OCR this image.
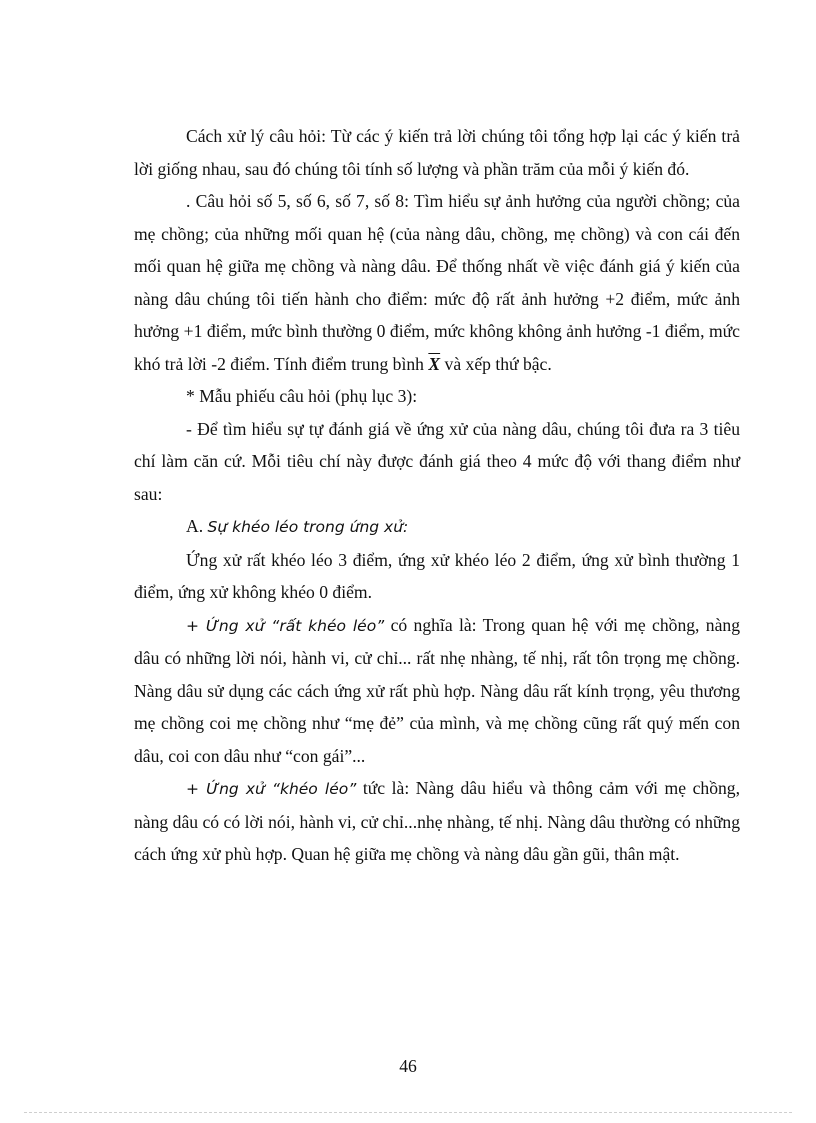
Cách xử lý câu hỏi: Từ các ý kiến trả lời chúng tôi tổng hợp lại các ý kiến trả lời giống nhau, sau đó chúng tôi tính số lượng và phần trăm của mỗi ý kiến đó.

. Câu hỏi số 5, số 6, số 7, số 8: Tìm hiểu sự ảnh hưởng của người chồng; của mẹ chồng; của những mối quan hệ (của nàng dâu, chồng, mẹ chồng) và con cái đến mối quan hệ giữa mẹ chồng và nàng dâu. Để thống nhất về việc đánh giá ý kiến của nàng dâu chúng tôi tiến hành cho điểm: mức độ rất ảnh hưởng +2 điểm, mức ảnh hưởng +1 điểm, mức bình thường 0 điểm, mức không không ảnh hưởng -1 điểm, mức khó trả lời -2 điểm. Tính điểm trung bình $\overline{X}$ và xếp thứ bậc.

* Mẫu phiếu câu hỏi (phụ lục 3):

- Để tìm hiểu sự tự đánh giá về ứng xử của nàng dâu, chúng tôi đưa ra 3 tiêu chí làm căn cứ. Mỗi tiêu chí này được đánh giá theo 4 mức độ với thang điểm như sau:

A. Sự khéo léo trong ứng xử:

Ứng xử rất khéo léo 3 điểm, ứng xử khéo léo 2 điểm, ứng xử bình thường 1 điểm, ứng xử không khéo 0 điểm.

+ Ứng xử “rất khéo léo” có nghĩa là: Trong quan hệ với mẹ chồng, nàng dâu có những lời nói, hành vi, cử chỉ... rất nhẹ nhàng, tế nhị, rất tôn trọng mẹ chồng. Nàng dâu sử dụng các cách ứng xử rất phù hợp. Nàng dâu rất kính trọng, yêu thương mẹ chồng coi mẹ chồng như “mẹ đẻ” của mình, và mẹ chồng cũng rất quý mến con dâu, coi con dâu như “con gái”...

+ Ứng xử “khéo léo” tức là: Nàng dâu hiểu và thông cảm với mẹ chồng, nàng dâu có có lời nói, hành vi, cử chỉ...nhẹ nhàng, tế nhị. Nàng dâu thường có những cách ứng xử phù hợp. Quan hệ giữa mẹ chồng và nàng dâu gần gũi, thân mật.

46
